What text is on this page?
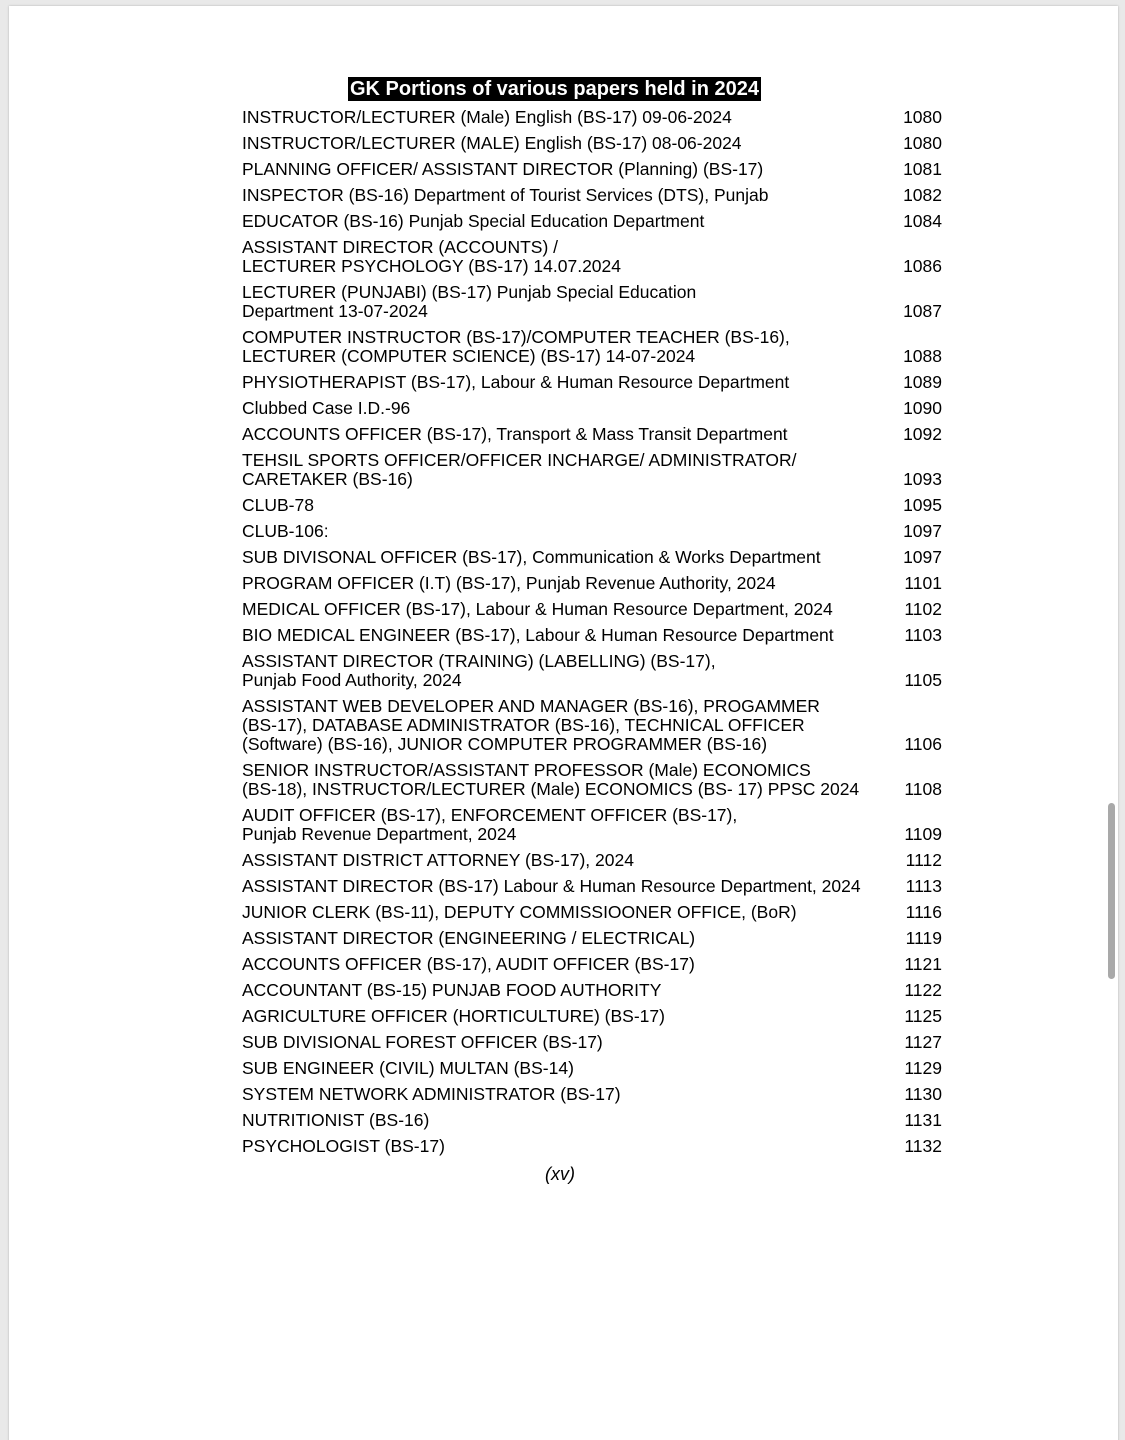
GK Portions of various papers held in 2024
INSTRUCTOR/LECTURER (Male) English (BS-17) 09-06-2024	1080
INSTRUCTOR/LECTURER (MALE) English (BS-17) 08-06-2024	1080
PLANNING OFFICER/ ASSISTANT DIRECTOR (Planning) (BS-17)	1081
INSPECTOR (BS-16) Department of Tourist Services (DTS), Punjab	1082
EDUCATOR (BS-16) Punjab Special Education Department	1084
ASSISTANT DIRECTOR (ACCOUNTS) /
LECTURER PSYCHOLOGY (BS-17) 14.07.2024	1086
LECTURER (PUNJABI) (BS-17) Punjab Special Education
Department 13-07-2024	1087
COMPUTER INSTRUCTOR (BS-17)/COMPUTER TEACHER (BS-16),
LECTURER (COMPUTER SCIENCE) (BS-17) 14-07-2024	1088
PHYSIOTHERAPIST (BS-17), Labour & Human Resource Department	1089
Clubbed Case I.D.-96	1090
ACCOUNTS OFFICER (BS-17), Transport & Mass Transit Department	1092
TEHSIL SPORTS OFFICER/OFFICER INCHARGE/ ADMINISTRATOR/
CARETAKER (BS-16)	1093
CLUB-78	1095
CLUB-106:	1097
SUB DIVISONAL OFFICER (BS-17), Communication & Works Department	1097
PROGRAM OFFICER (I.T) (BS-17), Punjab Revenue Authority, 2024	1101
MEDICAL OFFICER (BS-17), Labour & Human Resource Department, 2024	1102
BIO MEDICAL ENGINEER (BS-17), Labour & Human Resource Department	1103
ASSISTANT DIRECTOR (TRAINING) (LABELLING) (BS-17),
Punjab Food Authority, 2024	1105
ASSISTANT WEB DEVELOPER AND MANAGER (BS-16), PROGAMMER
(BS-17), DATABASE ADMINISTRATOR (BS-16), TECHNICAL OFFICER
(Software) (BS-16), JUNIOR COMPUTER PROGRAMMER (BS-16)	1106
SENIOR INSTRUCTOR/ASSISTANT PROFESSOR (Male) ECONOMICS
(BS-18), INSTRUCTOR/LECTURER (Male) ECONOMICS (BS- 17) PPSC 2024	1108
AUDIT OFFICER (BS-17), ENFORCEMENT OFFICER (BS-17),
Punjab Revenue Department, 2024	1109
ASSISTANT DISTRICT ATTORNEY (BS-17), 2024	1112
ASSISTANT DIRECTOR (BS-17) Labour & Human Resource Department, 2024	1113
JUNIOR CLERK (BS-11), DEPUTY COMMISSIOONER OFFICE, (BoR)	1116
ASSISTANT DIRECTOR (ENGINEERING / ELECTRICAL)	1119
ACCOUNTS OFFICER (BS-17), AUDIT OFFICER (BS-17)	1121
ACCOUNTANT (BS-15) PUNJAB FOOD AUTHORITY	1122
AGRICULTURE OFFICER (HORTICULTURE) (BS-17)	1125
SUB DIVISIONAL FOREST OFFICER (BS-17)	1127
SUB ENGINEER (CIVIL) MULTAN (BS-14)	1129
SYSTEM NETWORK ADMINISTRATOR (BS-17)	1130
NUTRITIONIST (BS-16)	1131
PSYCHOLOGIST (BS-17)	1132
(xv)
